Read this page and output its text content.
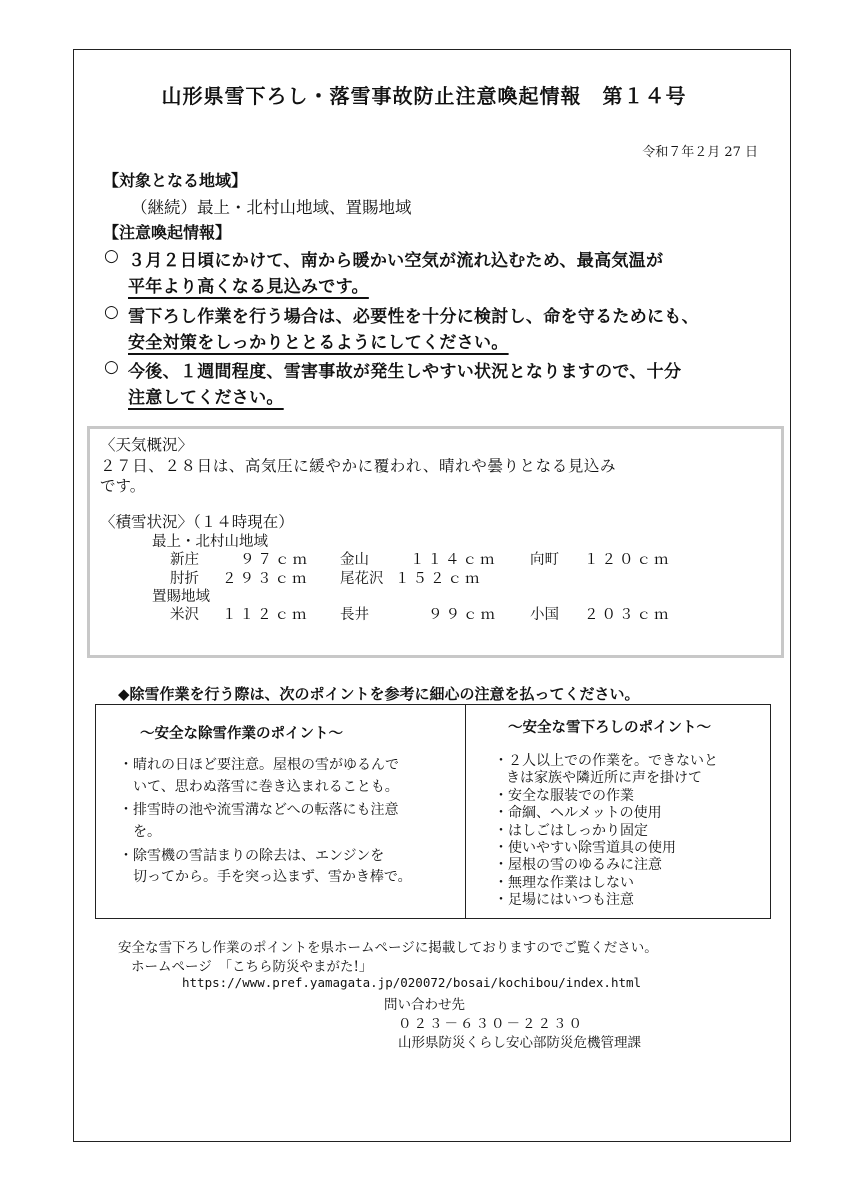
山形県雪下ろし・落雪事故防止注意喚起情報　第１４号
令和７年２月 27 日
【対象となる地域】
（継続）最上・北村山地域、置賜地域
【注意喚起情報】
○ ３月２日頃にかけて、南から暖かい空気が流れ込むため、最高気温が
平年より高くなる見込みです。
○ 雪下ろし作業を行う場合は、必要性を十分に検討し、命を守るためにも、
安全対策をしっかりととるようにしてください。
○ 今後、１週間程度、雪害事故が発生しやすい状況となりますので、十分
注意してください。
〈天気概況〉
２７日、２８日は、高気圧に緩やかに覆われ、晴れや曇りとなる見込み
です。
〈積雪状況〉（１４時現在）
最上・北村山地域
新庄	９７ｃｍ 金山	１１４ｃｍ 向町 １２０ｃｍ
肘折 ２９３ｃｍ 尾花沢 １５２ｃｍ
置賜地域
米沢 １１２ｃｍ 長井	９９ｃｍ 小国 ２０３ｃｍ
◆除雪作業を行う際は、次のポイントを参考に細心の注意を払ってください。
～安全な除雪作業のポイント～
・晴れの日ほど要注意。屋根の雪がゆるんで
いて、思わぬ落雪に巻き込まれることも。
・排雪時の池や流雪溝などへの転落にも注意
を。
・除雪機の雪詰まりの除去は、エンジンを
切ってから。手を突っ込まず、雪かき棒で。
～安全な雪下ろしのポイント～
・２人以上での作業を。できないと
きは家族や隣近所に声を掛けて
・安全な服装での作業
・命綱、ヘルメットの使用
・はしごはしっかり固定
・使いやすい除雪道具の使用
・屋根の雪のゆるみに注意
・無理な作業はしない
・足場にはいつも注意
安全な雪下ろし作業のポイントを県ホームページに掲載しておりますのでご覧ください。
ホームページ　「こちら防災やまがた!」
https://www.pref.yamagata.jp/020072/bosai/kochibou/index.html
問い合わせ先
０２３－６３０－２２３０
山形県防災くらし安心部防災危機管理課
